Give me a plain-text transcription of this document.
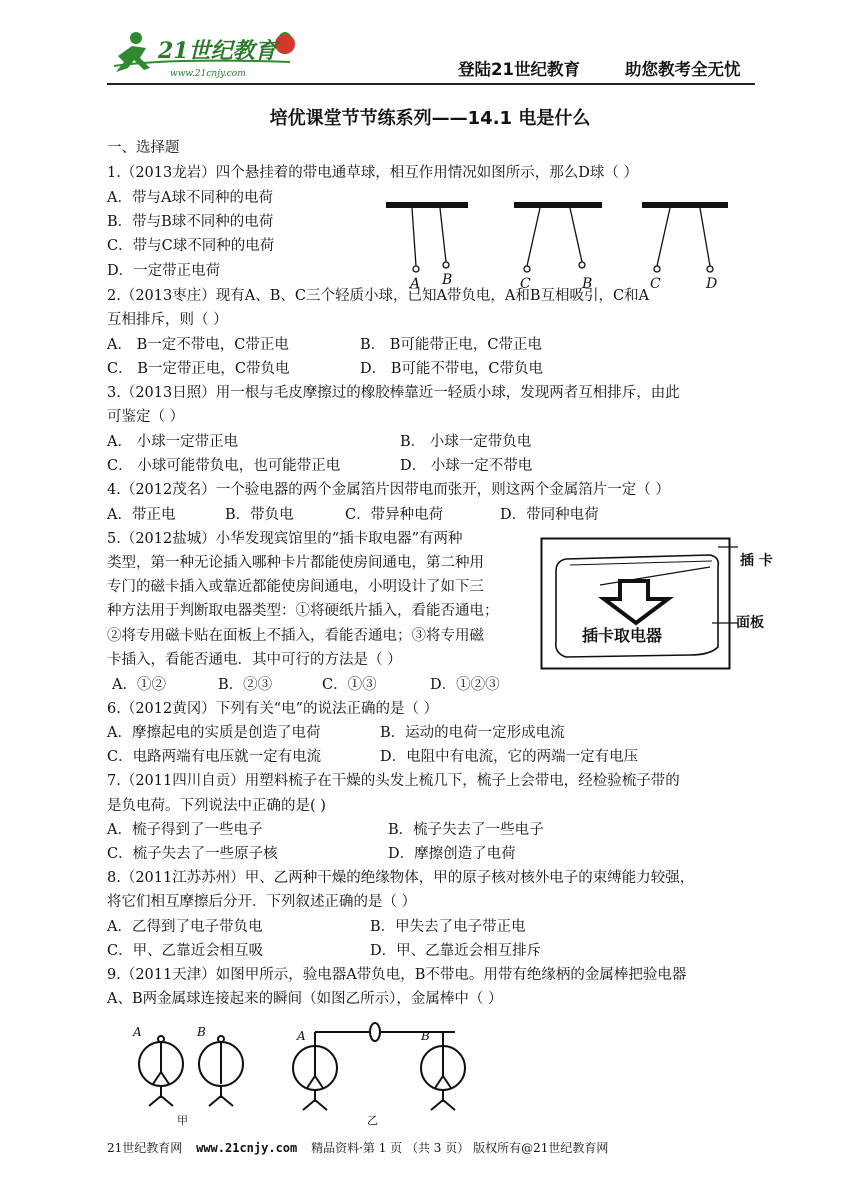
21世纪教育
www.21cnjy.com	登陆21世纪教育	助您教考全无忧
培优课堂节节练系列——14.1 电是什么
一、选择题
1.（2013龙岩）四个悬挂着的带电通草球，相互作用情况如图所示，那么D球（ ）
A．带与A球不同种的电荷
B．带与B球不同种的电荷
C．带与C球不同种的电荷
D．一定带正电荷
A B	C	B	C	D
2.（2013枣庄）现有A、B、C三个轻质小球，已知A带负电，A和B互相吸引，C和A
互相排斥，则（ ）
A． B一定不带电，C带正电	B． B可能带正电，C带正电
C． B一定带正电，C带负电	D． B可能不带电，C带负电
3.（2013日照）用一根与毛皮摩擦过的橡胶棒靠近一轻质小球，发现两者互相排斥，由此
可鉴定（ ）
A． 小球一定带正电	B． 小球一定带负电
C． 小球可能带负电，也可能带正电	D． 小球一定不带电
4.（2012茂名）一个验电器的两个金属箔片因带电而张开，则这两个金属箔片一定（ ）
A．带正电	B．带负电	C．带异种电荷	D．带同种电荷
5.（2012盐城）小华发现宾馆里的“插卡取电器”有两种
类型，第一种无论插入哪种卡片都能使房间通电，第二种用
专门的磁卡插入或靠近都能使房间通电，小明设计了如下三
种方法用于判断取电器类型：①将硬纸片插入，看能否通电；
②将专用磁卡贴在面板上不插入，看能否通电；③将专用磁
卡插入，看能否通电．其中可行的方法是（ ）
A．①②	B．②③	C．①③	D．①②③
插卡取电器
插 卡
面板
6.（2012黄冈）下列有关“电”的说法正确的是（ ）
A．摩擦起电的实质是创造了电荷	B．运动的电荷一定形成电流
C．电路两端有电压就一定有电流	D．电阻中有电流，它的两端一定有电压
7.（2011四川自贡）用塑料梳子在干燥的头发上梳几下，梳子上会带电，经检验梳子带的
是负电荷。下列说法中正确的是( )
A．梳子得到了一些电子	B．梳子失去了一些电子
C．梳子失去了一些原子核	D．摩擦创造了电荷
8.（2011江苏苏州）甲、乙两种干燥的绝缘物体，甲的原子核对核外电子的束缚能力较强，
将它们相互摩擦后分开．下列叙述正确的是（ ）
A．乙得到了电子带负电	B．甲失去了电子带正电
C．甲、乙靠近会相互吸	D．甲、乙靠近会相互排斥
9.（2011天津）如图甲所示，验电器A带负电，B不带电。用带有绝缘柄的金属棒把验电器
A、B两金属球连接起来的瞬间（如图乙所示），金属棒中（ ）
A	B	A	B
甲	乙
21世纪教育网 www.21cnjy.com 精品资料·第 1 页 （共 3 页） 版权所有@21世纪教育网
